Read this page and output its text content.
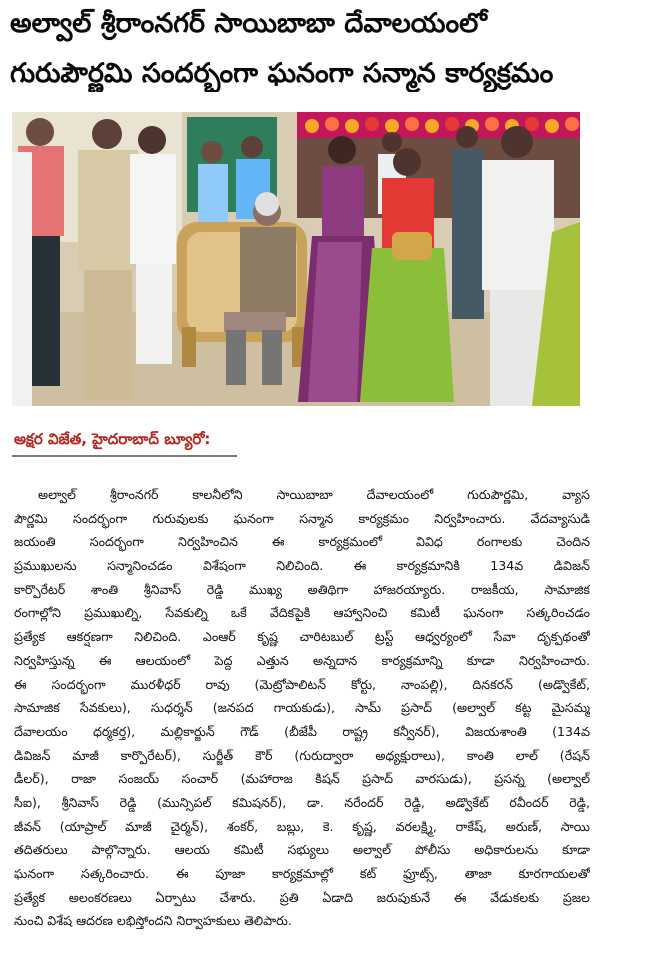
అల్వాల్ శ్రీరాంనగర్ సాయిబాబా దేవాలయంలో
గురుపౌర్ణమి సందర్భంగా ఘనంగా సన్మాన కార్యక్రమం
అక్షర విజేత, హైదరాబాద్ బ్యూరో:
అల్వాల్ శ్రీరాంనగర్ కాలనీలోని సాయిబాబా దేవాలయంలో గురుపౌర్ణమి, వ్యాస
పౌర్ణమి సందర్భంగా గురువులకు ఘనంగా సన్మాన కార్యక్రమం నిర్వహించారు. వేదవ్యాసుడి
జయంతి సందర్భంగా నిర్వహించిన ఈ కార్యక్రమంలో వివిధ రంగాలకు చెందిన
ప్రముఖులను సన్మానించడం విశేషంగా నిలిచింది. ఈ కార్యక్రమానికి 134వ డివిజన్
కార్పొరేటర్ శాంతి శ్రీనివాస్ రెడ్డి ముఖ్య అతిథిగా హాజరయ్యారు. రాజకీయ, సామాజిక
రంగాల్లోని ప్రముఖుల్ని, సేవకుల్ని ఒకే వేదికపైకి ఆహ్వానించి కమిటీ ఘనంగా సత్కరించడం
ప్రత్యేక ఆకర్షణగా నిలిచింది. ఎంఆర్ కృష్ణ చారిటబుల్ ట్రస్ట్ ఆధ్వర్యంలో సేవా దృక్పథంతో
నిర్వహిస్తున్న ఈ ఆలయంలో పెద్ద ఎత్తున అన్నదాన కార్యక్రమాన్ని కూడా నిర్వహించారు.
ఈ సందర్భంగా మురళీధర్ రావు (మెట్రోపాలిటన్ కోర్టు, నాంపల్లి), దినకరన్ (అడ్వొకేట్,
సామాజిక సేవకులు), సుధర్శన్ (జనపద గాయకుడు), సామ్ ప్రసాద్ (అల్వాల్ కట్ట మైసమ్మ
దేవాలయం ధర్మకర్త), మల్లికార్జున్ గౌడ్ (బీజేపీ రాష్ట్ర కన్వీనర్), విజయశాంతి (134వ
డివిజన్ మాజీ కార్పొరేటర్), సుర్జీత్ కౌర్ (గురుద్వారా అధ్యక్షురాలు), కాంతి లాల్ (రేషన్
డీలర్), రాజా సంజయ్ సంచార్ (మహారాజ కిషన్ ప్రసాద్ వారసుడు), ప్రసన్న (అల్వాల్
సీఐ), శ్రీనివాస్ రెడ్డి (మున్సిపల్ కమిషనర్), డా. నరేందర్ రెడ్డి, అడ్వొకేట్ రవీందర్ రెడ్డి,
జీవన్ (యాప్రాల్ మాజీ చైర్మన్), శంకర్, బబ్లు, కె. కృష్ణ, వరలక్ష్మి, రాకేష్, అరుణ్, సాయి
తదితరులు పాల్గొన్నారు. ఆలయ కమిటీ సభ్యులు అల్వాల్ పోలీసు అధికారులను కూడా
ఘనంగా సత్కరించారు. ఈ పూజా కార్యక్రమాల్లో కట్ ఫ్రూట్స్, తాజా కూరగాయలతో
ప్రత్యేక అలంకరణలు ఏర్పాటు చేశారు. ప్రతి ఏడాది జరుపుకునే ఈ వేడుకలకు ప్రజల
నుంచి విశేష ఆదరణ లభిస్తోందని నిర్వాహకులు తెలిపారు.
